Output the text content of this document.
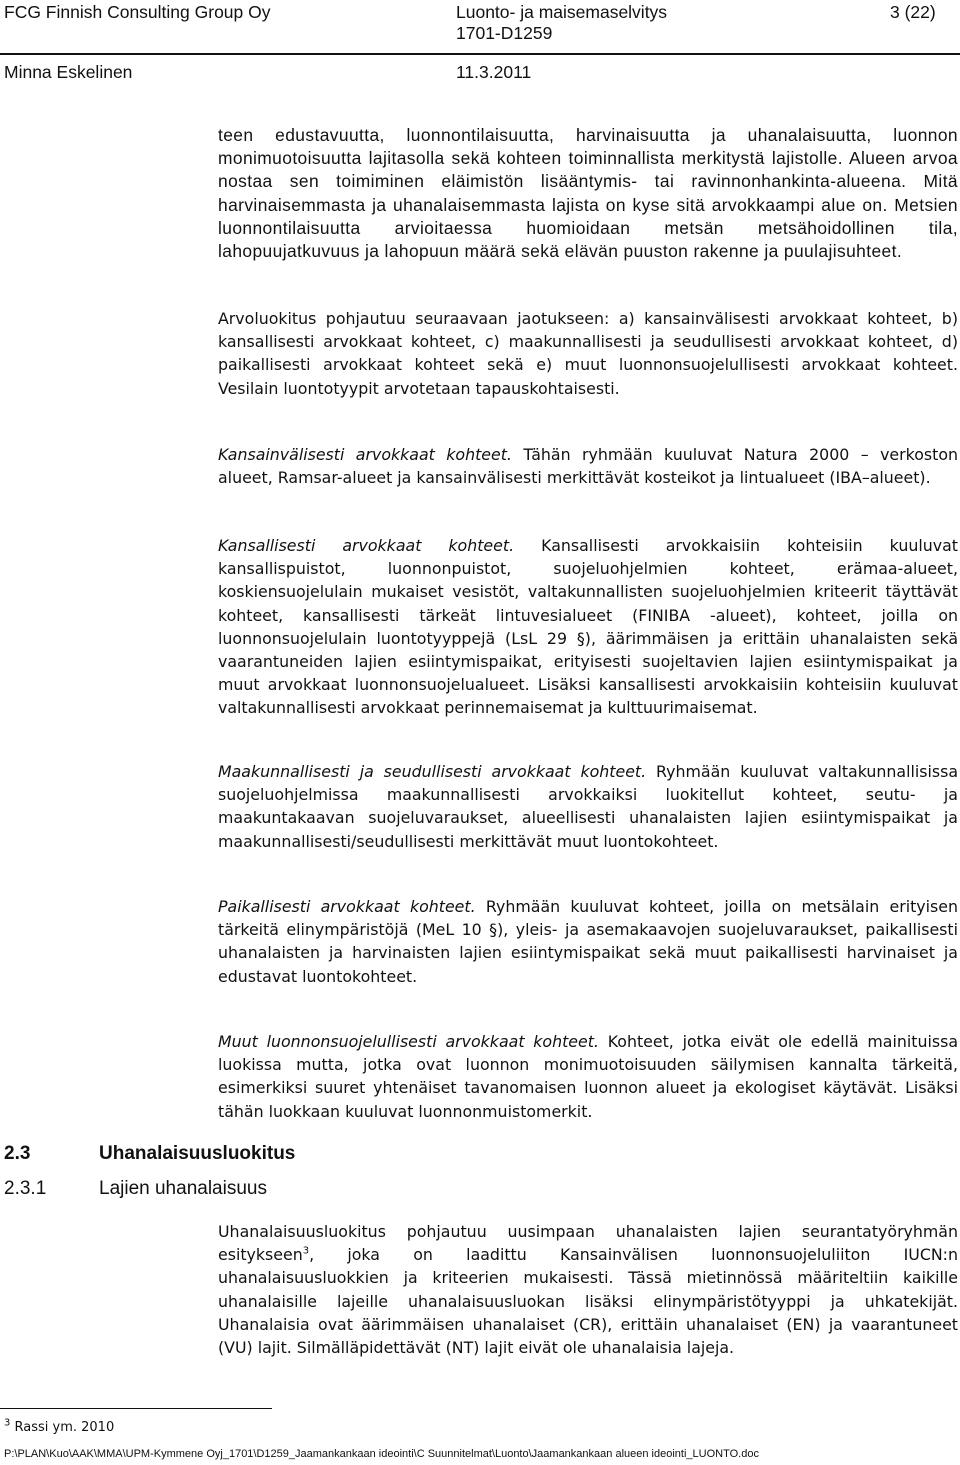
FCG Finnish Consulting Group Oy	Luonto- ja maisemaselvitys
1701-D1259
3 (22)
Minna Eskelinen	11.3.2011

teen edustavuutta, luonnontilaisuutta, harvinaisuutta ja uhanalaisuutta, luonnon monimuotoisuutta lajitasolla sekä kohteen toiminnallista merkitystä lajistolle. Alueen arvoa nostaa sen toimiminen eläimistön lisääntymis- tai ravinnonhankinta-alueena. Mitä harvinaisemmasta ja uhanalaisemmasta lajista on kyse sitä arvokkaampi alue on. Metsien luonnontilaisuutta arvioitaessa huomioidaan metsän metsähoidollinen tila, lahopuujatkuvuus ja lahopuun määrä sekä elävän puuston rakenne ja puulajisuhteet.

Arvoluokitus pohjautuu seuraavaan jaotukseen: a) kansainvälisesti arvokkaat kohteet, b) kansallisesti arvokkaat kohteet, c) maakunnallisesti ja seudullisesti arvokkaat kohteet, d) paikallisesti arvokkaat kohteet sekä e) muut luonnonsuojelullisesti arvokkaat kohteet. Vesilain luontotyypit arvotetaan tapauskohtaisesti.

Kansainvälisesti arvokkaat kohteet. Tähän ryhmään kuuluvat Natura 2000 – verkoston alueet, Ramsar-alueet ja kansainvälisesti merkittävät kosteikot ja lintualueet (IBA–alueet).

Kansallisesti arvokkaat kohteet. Kansallisesti arvokkaisiin kohteisiin kuuluvat kansallispuistot, luonnonpuistot, suojeluohjelmien kohteet, erämaa-alueet, koskiensuojelulain mukaiset vesistöt, valtakunnallisten suojeluohjelmien kriteerit täyttävät kohteet, kansallisesti tärkeät lintuvesialueet (FINIBA -alueet), kohteet, joilla on luonnonsuojelulain luontotyyppejä (LsL 29 §), äärimmäisen ja erittäin uhanalaisten sekä vaarantuneiden lajien esiintymispaikat, erityisesti suojeltavien lajien esiintymispaikat ja muut arvokkaat luonnonsuojelualueet. Lisäksi kansallisesti arvokkaisiin kohteisiin kuuluvat valtakunnallisesti arvokkaat perinnemaisemat ja kulttuurimaisemat.

Maakunnallisesti ja seudullisesti arvokkaat kohteet. Ryhmään kuuluvat valtakunnallisissa suojeluohjelmissa maakunnallisesti arvokkaiksi luokitellut kohteet, seutu- ja maakuntakaavan suojeluvaraukset, alueellisesti uhanalaisten lajien esiintymispaikat ja maakunnallisesti/seudullisesti merkittävät muut luontokohteet.

Paikallisesti arvokkaat kohteet. Ryhmään kuuluvat kohteet, joilla on metsälain erityisen tärkeitä elinympäristöjä (MeL 10 §), yleis- ja asemakaavojen suojeluvaraukset, paikallisesti uhanalaisten ja harvinaisten lajien esiintymispaikat sekä muut paikallisesti harvinaiset ja edustavat luontokohteet.

Muut luonnonsuojelullisesti arvokkaat kohteet. Kohteet, jotka eivät ole edellä mainituissa luokissa mutta, jotka ovat luonnon monimuotoisuuden säilymisen kannalta tärkeitä, esimerkiksi suuret yhtenäiset tavanomaisen luonnon alueet ja ekologiset käytävät. Lisäksi tähän luokkaan kuuluvat luonnonmuistomerkit.

2.3	Uhanalaisuusluokitus
2.3.1	Lajien uhanalaisuus

Uhanalaisuusluokitus pohjautuu uusimpaan uhanalaisten lajien seurantatyöryhmän esitykseen$^3$, joka on laadittu Kansainvälisen luonnonsuojeluliiton IUCN:n uhanalaisuusluokkien ja kriteerien mukaisesti. Tässä mietinnössä määriteltiin kaikille uhanalaisille lajeille uhanalaisuusluokan lisäksi elinympäristötyyppi ja uhkatekijät. Uhanalaisia ovat äärimmäisen uhanalaiset (CR), erittäin uhanalaiset (EN) ja vaarantuneet (VU) lajit. Silmälläpidettävät (NT) lajit eivät ole uhanalaisia lajeja.

$^3$ Rassi ym. 2010
P:\PLAN\Kuo\AAK\MMA\UPM-Kymmene Oyj_1701\D1259_Jaamankankaan ideointi\C Suunnitelmat\Luonto\Jaamankankaan alueen ideointi_LUONTO.doc
